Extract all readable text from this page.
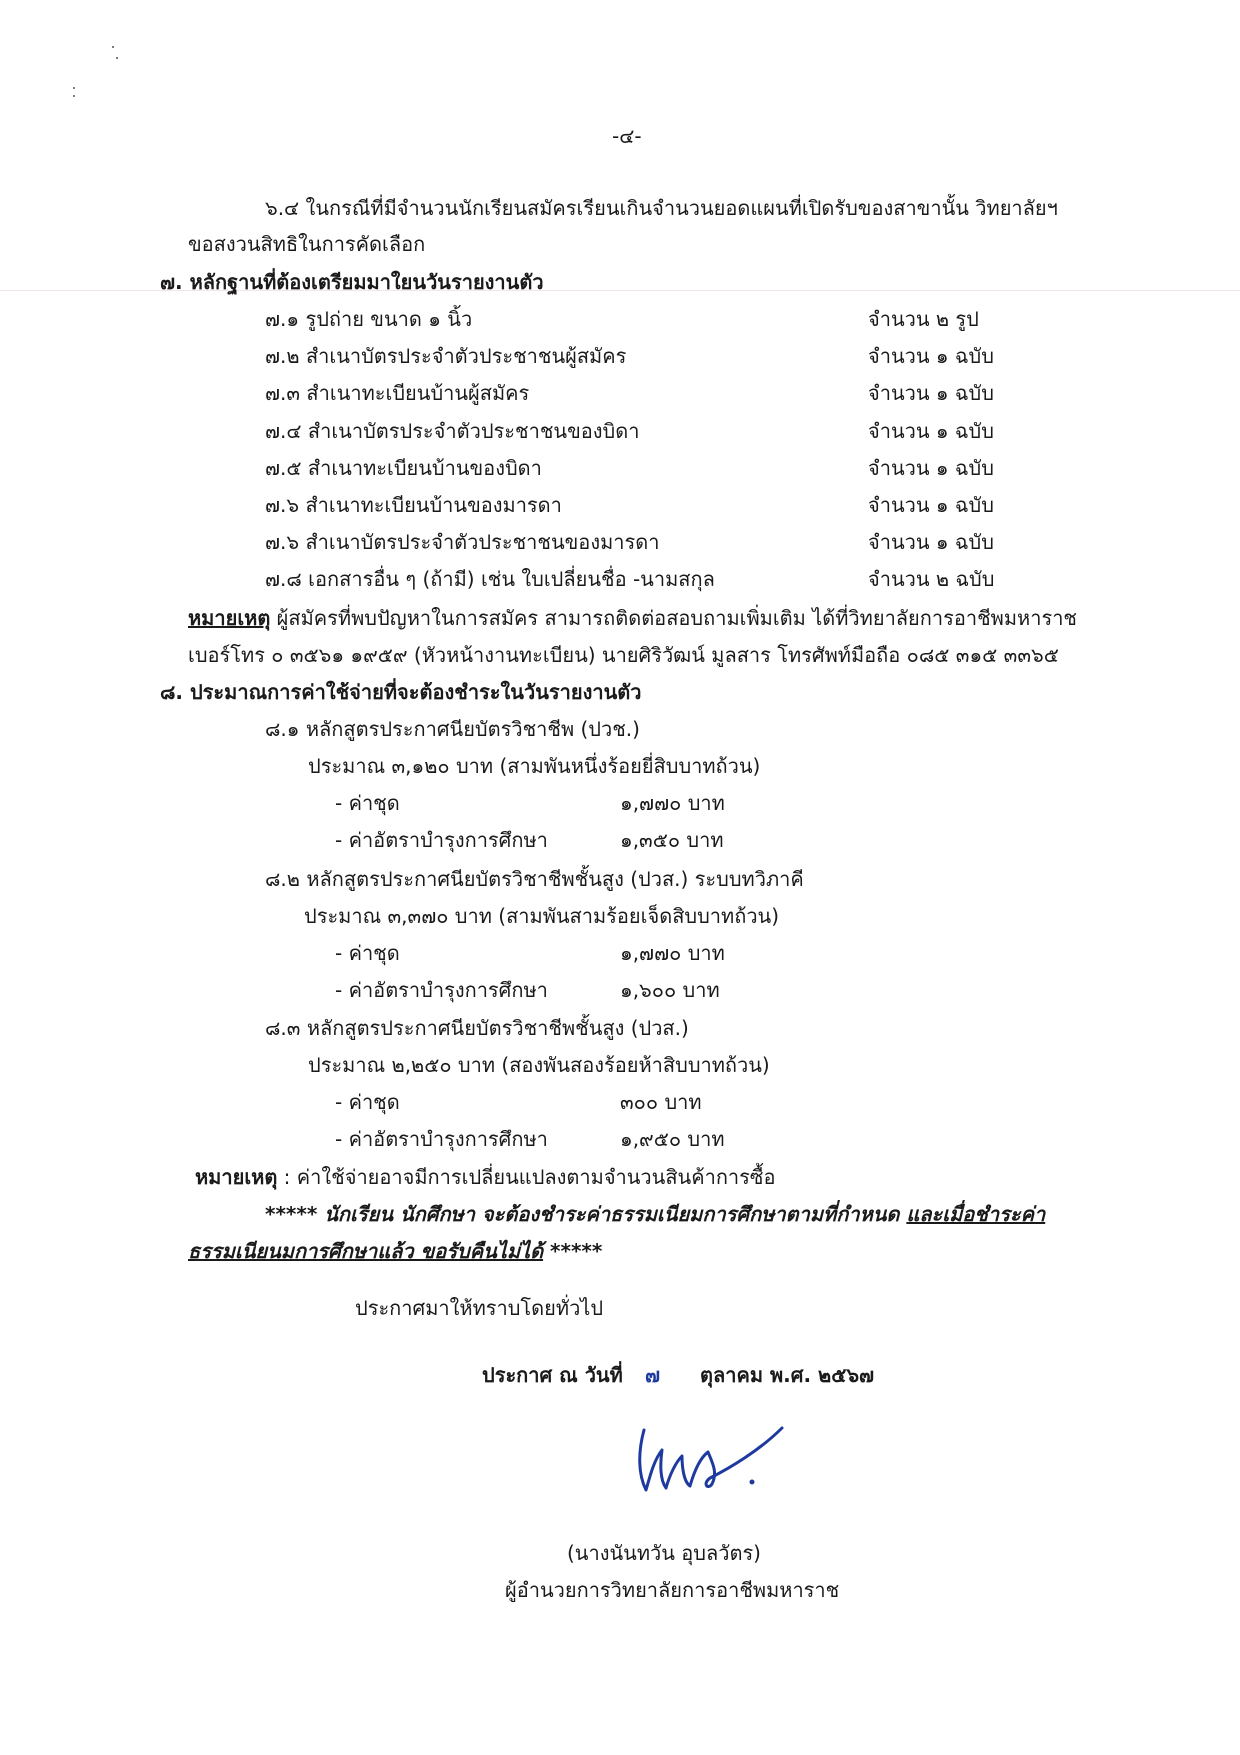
-๔-
๖.๔ ในกรณีที่มีจำนวนนักเรียนสมัครเรียนเกินจำนวนยอดแผนที่เปิดรับของสาขานั้น วิทยาลัยฯ
ขอสงวนสิทธิในการคัดเลือก
๗. หลักฐานที่ต้องเตรียมมาใยนวันรายงานตัว
๗.๑ รูปถ่าย ขนาด ๑ นิ้ว	จำนวน ๒ รูป
๗.๒ สำเนาบัตรประจำตัวประชาชนผู้สมัคร	จำนวน ๑ ฉบับ
๗.๓ สำเนาทะเบียนบ้านผู้สมัคร	จำนวน ๑ ฉบับ
๗.๔ สำเนาบัตรประจำตัวประชาชนของบิดา	จำนวน ๑ ฉบับ
๗.๕ สำเนาทะเบียนบ้านของบิดา	จำนวน ๑ ฉบับ
๗.๖ สำเนาทะเบียนบ้านของมารดา	จำนวน ๑ ฉบับ
๗.๖ สำเนาบัตรประจำตัวประชาชนของมารดา	จำนวน ๑ ฉบับ
๗.๘ เอกสารอื่น ๆ (ถ้ามี) เช่น ใบเปลี่ยนชื่อ -นามสกุล	จำนวน ๒ ฉบับ
หมายเหตุ ผู้สมัครที่พบปัญหาในการสมัคร สามารถติดต่อสอบถามเพิ่มเติม ได้ที่วิทยาลัยการอาชีพมหาราช
เบอร์โทร ๐ ๓๕๖๑ ๑๙๕๙ (หัวหน้างานทะเบียน) นายศิริวัฒน์ มูลสาร โทรศัพท์มือถือ ๐๘๕ ๓๑๕ ๓๓๖๕
๘. ประมาณการค่าใช้จ่ายที่จะต้องชำระในวันรายงานตัว
๘.๑ หลักสูตรประกาศนียบัตรวิชาชีพ (ปวช.)
ประมาณ ๓,๑๒๐ บาท (สามพันหนึ่งร้อยยี่สิบบาทถ้วน)
- ค่าชุด	๑,๗๗๐ บาท
- ค่าอัตราบำรุงการศึกษา	๑,๓๕๐ บาท
๘.๒ หลักสูตรประกาศนียบัตรวิชาชีพชั้นสูง (ปวส.) ระบบทวิภาคี
ประมาณ ๓,๓๗๐ บาท (สามพันสามร้อยเจ็ดสิบบาทถ้วน)
- ค่าชุด	๑,๗๗๐ บาท
- ค่าอัตราบำรุงการศึกษา	๑,๖๐๐ บาท
๘.๓ หลักสูตรประกาศนียบัตรวิชาชีพชั้นสูง (ปวส.)
ประมาณ ๒,๒๕๐ บาท (สองพันสองร้อยห้าสิบบาทถ้วน)
- ค่าชุด	๓๐๐ บาท
- ค่าอัตราบำรุงการศึกษา	๑,๙๕๐ บาท
หมายเหตุ : ค่าใช้จ่ายอาจมีการเปลี่ยนแปลงตามจำนวนสินค้าการซื้อ
***** นักเรียน นักศึกษา จะต้องชำระค่าธรรมเนียมการศึกษาตามที่กำหนด และเมื่อชำระค่า
ธรรมเนียนมการศึกษาแล้ว ขอรับคืนไม่ได้ *****
ประกาศมาให้ทราบโดยทั่วไป
ประกาศ ณ วันที่ ๗ ตุลาคม พ.ศ. ๒๕๖๗
(นางนันทวัน อุบลวัตร)
ผู้อำนวยการวิทยาลัยการอาชีพมหาราช
